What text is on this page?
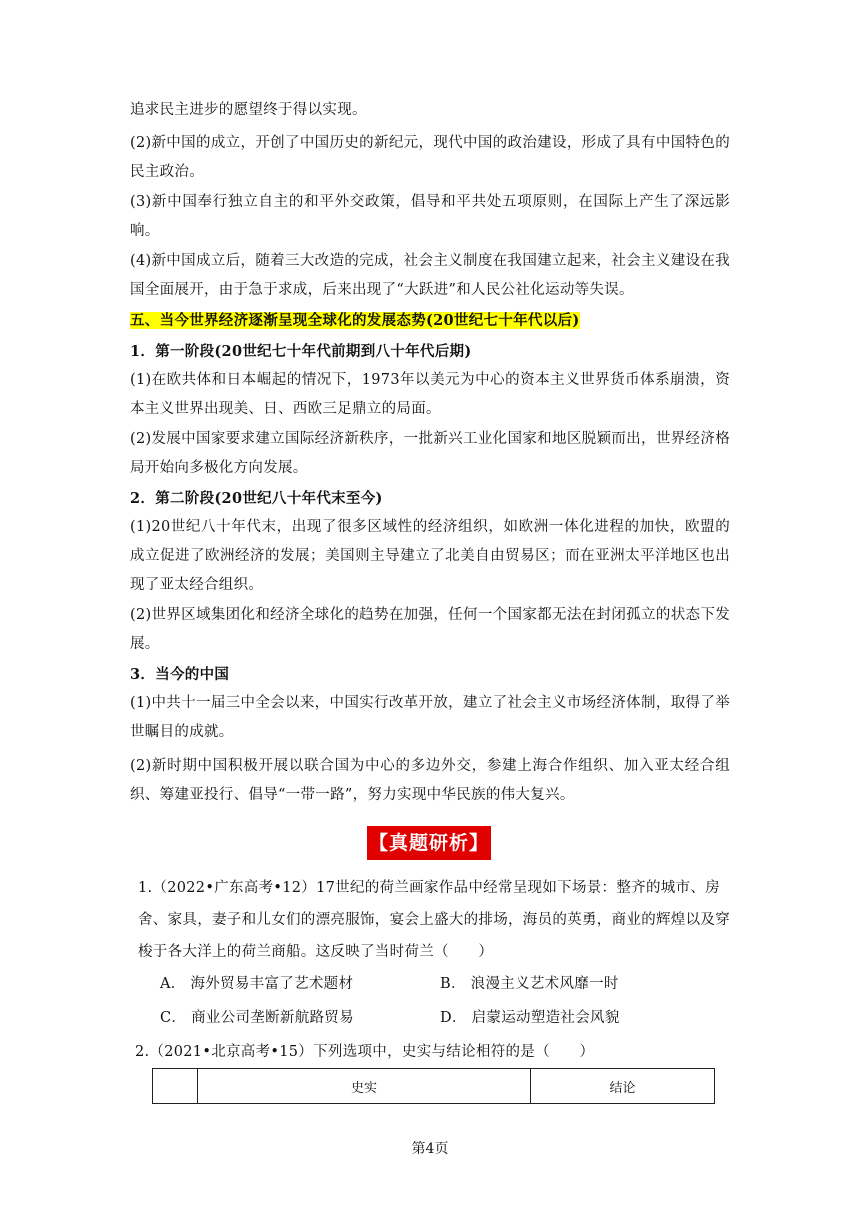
追求民主进步的愿望终于得以实现。
(2)新中国的成立，开创了中国历史的新纪元，现代中国的政治建设，形成了具有中国特色的民主政治。
(3)新中国奉行独立自主的和平外交政策，倡导和平共处五项原则，在国际上产生了深远影响。
(4)新中国成立后，随着三大改造的完成，社会主义制度在我国建立起来，社会主义建设在我国全面展开，由于急于求成，后来出现了“大跃进”和人民公社化运动等失误。
五、当今世界经济逐渐呈现全球化的发展态势(20世纪七十年代以后)
1．第一阶段(20世纪七十年代前期到八十年代后期)
(1)在欧共体和日本崛起的情况下，1973年以美元为中心的资本主义世界货币体系崩溃，资本主义世界出现美、日、西欧三足鼎立的局面。
(2)发展中国家要求建立国际经济新秩序，一批新兴工业化国家和地区脱颖而出，世界经济格局开始向多极化方向发展。
2．第二阶段(20世纪八十年代末至今)
(1)20世纪八十年代末，出现了很多区域性的经济组织，如欧洲一体化进程的加快，欧盟的成立促进了欧洲经济的发展；美国则主导建立了北美自由贸易区；而在亚洲太平洋地区也出现了亚太经合组织。
(2)世界区域集团化和经济全球化的趋势在加强，任何一个国家都无法在封闭孤立的状态下发展。
3．当今的中国
(1)中共十一届三中全会以来，中国实行改革开放，建立了社会主义市场经济体制，取得了举世瞩目的成就。
(2)新时期中国积极开展以联合国为中心的多边外交，参建上海合作组织、加入亚太经合组织、筹建亚投行、倡导“一带一路”，努力实现中华民族的伟大复兴。
【真题研析】
1.（2022•广东高考•12）17世纪的荷兰画家作品中经常呈现如下场景：整齐的城市、房舍、家具，妻子和儿女们的漂亮服饰，宴会上盛大的排场，海员的英勇，商业的辉煌以及穿梭于各大洋上的荷兰商船。这反映了当时荷兰（　　）
A． 海外贸易丰富了艺术题材	B． 浪漫主义艺术风靡一时
C． 商业公司垄断新航路贸易	D． 启蒙运动塑造社会风貌
2.（2021•北京高考•15）下列选项中，史实与结论相符的是（　　）
	史实	结论
第4页
